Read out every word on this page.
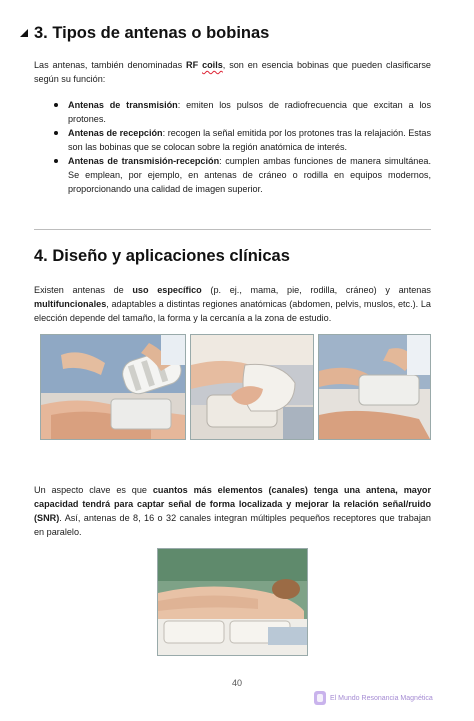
3. Tipos de antenas o bobinas

Las antenas, también denominadas RF coils, son en esencia bobinas que pueden clasificarse según su función:

Antenas de transmisión: emiten los pulsos de radiofrecuencia que excitan a los protones.
Antenas de recepción: recogen la señal emitida por los protones tras la relajación. Estas son las bobinas que se colocan sobre la región anatómica de interés.
Antenas de transmisión-recepción: cumplen ambas funciones de manera simultánea. Se emplean, por ejemplo, en antenas de cráneo o rodilla en equipos modernos, proporcionando una calidad de imagen superior.
4. Diseño y aplicaciones clínicas

Existen antenas de uso específico (p. ej., mama, pie, rodilla, cráneo) y antenas multifuncionales, adaptables a distintas regiones anatómicas (abdomen, pelvis, muslos, etc.). La elección depende del tamaño, la forma y la cercanía a la zona de estudio.

Un aspecto clave es que cuantos más elementos (canales) tenga una antena, mayor capacidad tendrá para captar señal de forma localizada y mejorar la relación señal/ruido (SNR). Así, antenas de 8, 16 o 32 canales integran múltiples pequeños receptores que trabajan en paralelo.

40
El Mundo Resonancia Magnética
